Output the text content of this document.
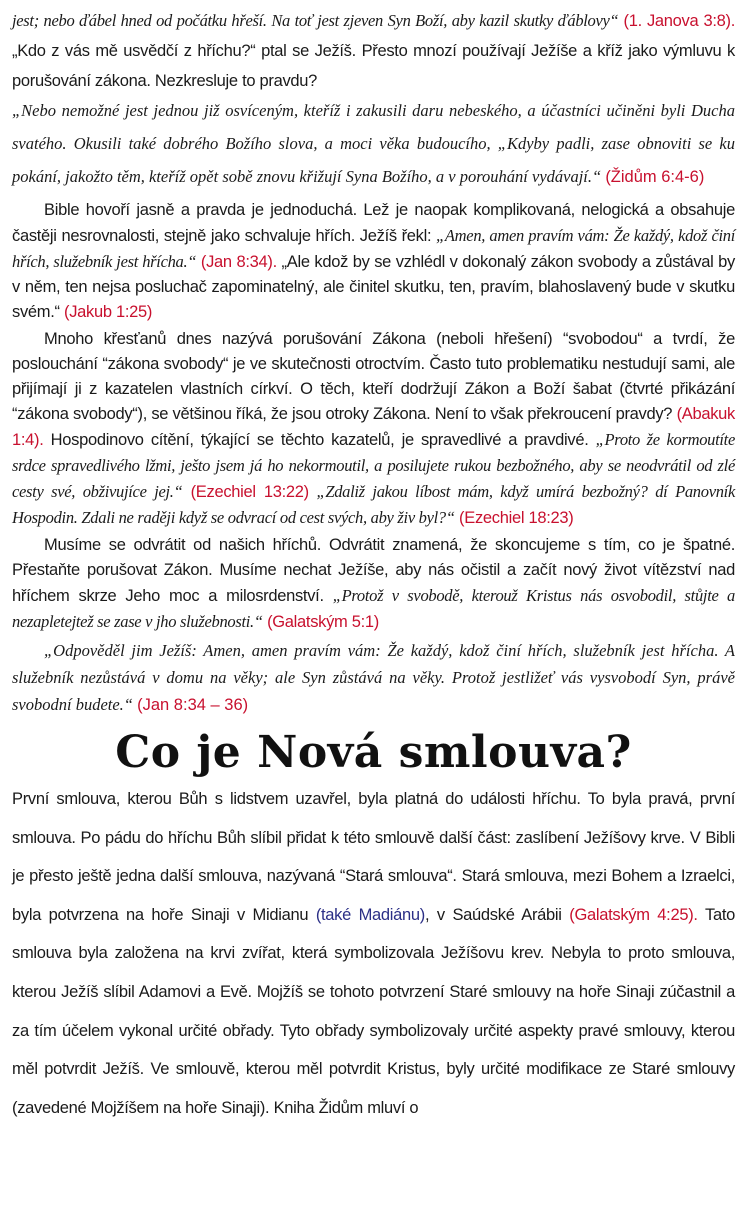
jest; nebo ďábel hned od počátku hřeší. Na toť jest zjeven Syn Boží, aby kazil skutky ďáblovy“ (1. Janova 3:8). „Kdo z vás mě usvědčí z hříchu?“ ptal se Ježíš. Přesto mnozí používají Ježíše a kříž jako výmluvu k porušování zákona. Nezkresluje to pravdu?

„Nebo nemožné jest jednou již osvíceným, kteříž i zakusili daru nebeského, a účastníci učiněni byli Ducha svatého. Okusili také dobrého Božího slova, a moci věka budoucího, „Kdyby padli, zase obnoviti se ku pokání, jakožto těm, kteříž opět sobě znovu křižují Syna Božího, a v porouhání vydávají.“ (Židům 6:4-6)

Bible hovoří jasně a pravda je jednoduchá. Lež je naopak komplikovaná, nelogická a obsahuje častěji nesrovnalosti, stejně jako schvaluje hřích. Ježíš řekl: „Amen, amen pravím vám: Že každý, kdož činí hřích, služebník jest hřícha.“ (Jan 8:34). „Ale kdož by se vzhlédl v dokonalý zákon svobody a zůstával by v něm, ten nejsa posluchač zapominatelný, ale činitel skutku, ten, pravím, blahoslavený bude v skutku svém.“ (Jakub 1:25)

Mnoho křesťanů dnes nazývá porušování Zákona (neboli hřešení) “svobodou“ a tvrdí, že poslouchání “zákona svobody“ je ve skutečnosti otroctvím. Často tuto problematiku nestudují sami, ale přijímají ji z kazatelen vlastních církví. O těch, kteří dodržují Zákon a Boží šabat (čtvrté přikázání “zákona svobody“), se většinou říká, že jsou otroky Zákona. Není to však překroucení pravdy? (Abakuk 1:4). Hospodinovo cítění, týkající se těchto kazatelů, je spravedlivé a pravdivé. „Proto že kormoutíte srdce spravedlivého lžmi, ješto jsem já ho nekormoutil, a posilujete rukou bezbožného, aby se neodvrátil od zlé cesty své, obživujíce jej.“ (Ezechiel 13:22) „Zdaliž jakou líbost mám, když umírá bezbožný? dí Panovník Hospodin. Zdali ne raději když se odvrací od cest svých, aby živ byl?“ (Ezechiel 18:23)

Musíme se odvrátit od našich hříchů. Odvrátit znamená, že skoncujeme s tím, co je špatné. Přestaňte porušovat Zákon. Musíme nechat Ježíše, aby nás očistil a začít nový život vítězství nad hříchem skrze Jeho moc a milosrdenství. „Protož v svobodě, kterouž Kristus nás osvobodil, stůjte a nezapletejtež se zase v jho služebnosti.“ (Galatským 5:1)

„Odpověděl jim Ježíš: Amen, amen pravím vám: Že každý, kdož činí hřích, služebník jest hřícha. A služebník nezůstává v domu na věky; ale Syn zůstává na věky. Protož jestližeť vás vysvobodí Syn, právě svobodní budete.“ (Jan 8:34 – 36)

Co je Nová smlouva?

První smlouva, kterou Bůh s lidstvem uzavřel, byla platná do události hříchu. To byla pravá, první smlouva. Po pádu do hříchu Bůh slíbil přidat k této smlouvě další část: zaslíbení Ježíšovy krve. V Bibli je přesto ještě jedna další smlouva, nazývaná “Stará smlouva“. Stará smlouva, mezi Bohem a Izraelci, byla potvrzena na hoře Sinaji v Midianu (také Madiánu), v Saúdské Arábii (Galatským 4:25). Tato smlouva byla založena na krvi zvířat, která symbolizovala Ježíšovu krev. Nebyla to proto smlouva, kterou Ježíš slíbil Adamovi a Evě. Mojžíš se tohoto potvrzení Staré smlouvy na hoře Sinaji zúčastnil a za tím účelem vykonal určité obřady. Tyto obřady symbolizovaly určité aspekty pravé smlouvy, kterou měl potvrdit Ježíš. Ve smlouvě, kterou měl potvrdit Kristus, byly určité modifikace ze Staré smlouvy (zavedené Mojžíšem na hoře Sinaji). Kniha Židům mluví o
